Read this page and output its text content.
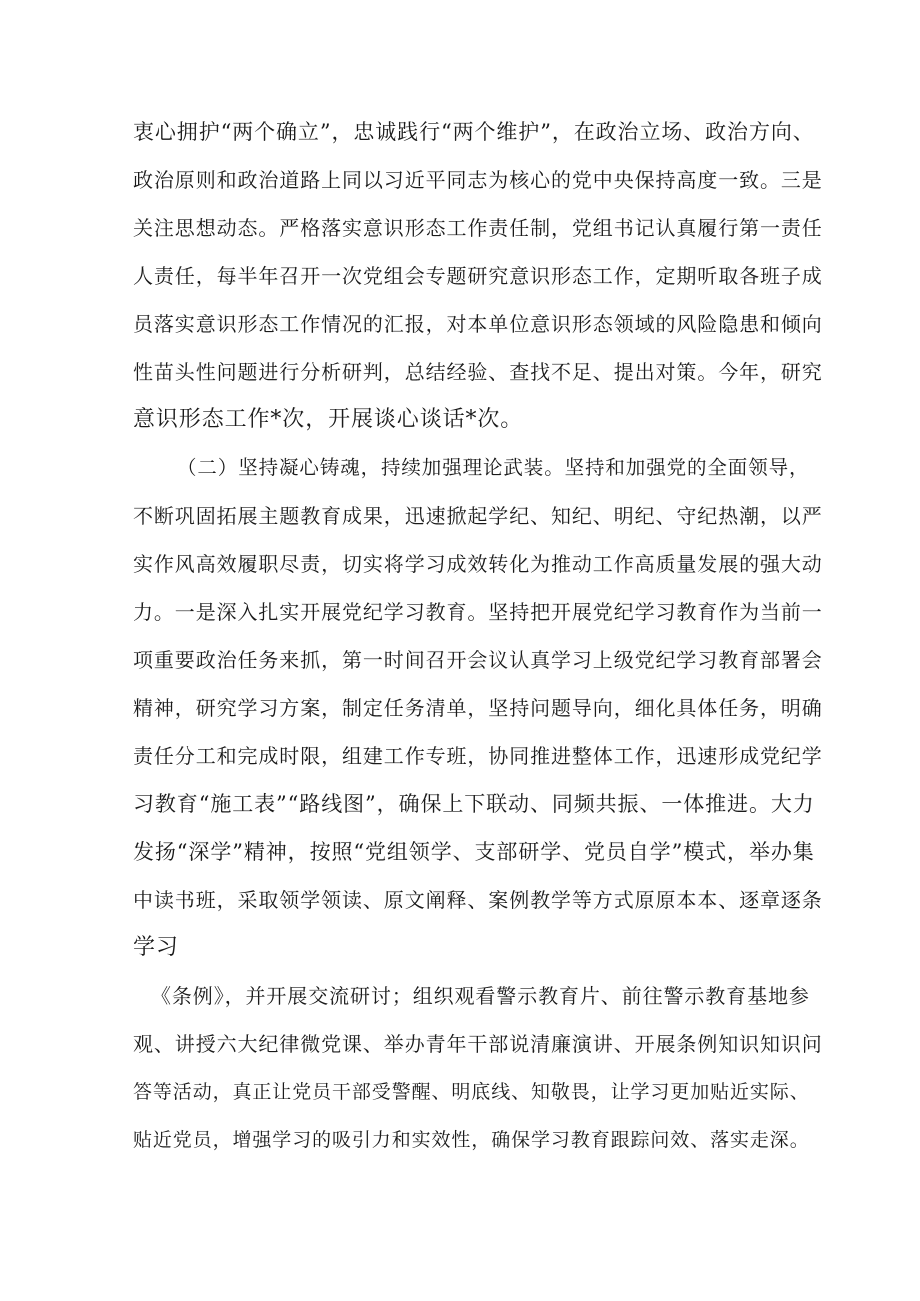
衷心拥护“两个确立”，忠诚践行“两个维护”，在政治立场、政治方向、
政治原则和政治道路上同以习近平同志为核心的党中央保持高度一致。三是
关注思想动态。严格落实意识形态工作责任制，党组书记认真履行第一责任
人责任，每半年召开一次党组会专题研究意识形态工作，定期听取各班子成
员落实意识形态工作情况的汇报，对本单位意识形态领域的风险隐患和倾向
性苗头性问题进行分析研判，总结经验、查找不足、提出对策。今年，研究
意识形态工作*次，开展谈心谈话*次。
（二）坚持凝心铸魂，持续加强理论武装。坚持和加强党的全面领导，
不断巩固拓展主题教育成果，迅速掀起学纪、知纪、明纪、守纪热潮，以严
实作风高效履职尽责，切实将学习成效转化为推动工作高质量发展的强大动
力。一是深入扎实开展党纪学习教育。坚持把开展党纪学习教育作为当前一
项重要政治任务来抓，第一时间召开会议认真学习上级党纪学习教育部署会
精神，研究学习方案，制定任务清单，坚持问题导向，细化具体任务，明确
责任分工和完成时限，组建工作专班，协同推进整体工作，迅速形成党纪学
习教育“施工表”“路线图”，确保上下联动、同频共振、一体推进。大力
发扬“深学”精神，按照“党组领学、支部研学、党员自学”模式，举办集
中读书班，采取领学领读、原文阐释、案例教学等方式原原本本、逐章逐条
学习
《条例》，并开展交流研讨；组织观看警示教育片、前往警示教育基地参
观、讲授六大纪律微党课、举办青年干部说清廉演讲、开展条例知识知识问
答等活动，真正让党员干部受警醒、明底线、知敬畏，让学习更加贴近实际、
贴近党员，增强学习的吸引力和实效性，确保学习教育跟踪问效、落实走深。
